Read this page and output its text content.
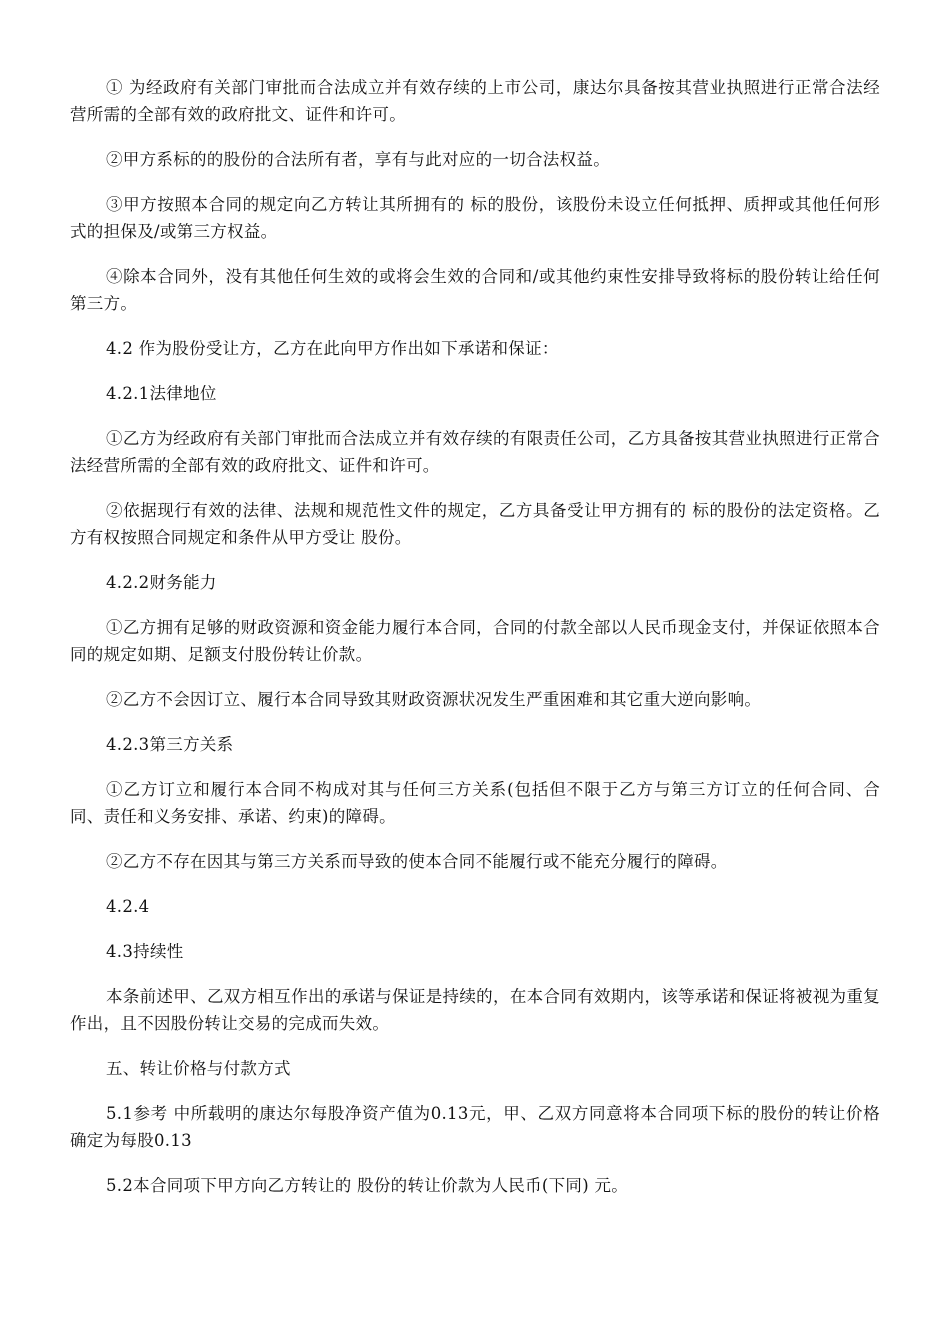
① 为经政府有关部门审批而合法成立并有效存续的上市公司，康达尔具备按其营业执照进行正常合法经营所需的全部有效的政府批文、证件和许可。

②甲方系标的的股份的合法所有者，享有与此对应的一切合法权益。

③甲方按照本合同的规定向乙方转让其所拥有的 标的股份，该股份未设立任何抵押、质押或其他任何形式的担保及/或第三方权益。

④除本合同外，没有其他任何生效的或将会生效的合同和/或其他约束性安排导致将标的股份转让给任何第三方。

4.2 作为股份受让方，乙方在此向甲方作出如下承诺和保证：

4.2.1法律地位

①乙方为经政府有关部门审批而合法成立并有效存续的有限责任公司，乙方具备按其营业执照进行正常合法经营所需的全部有效的政府批文、证件和许可。

②依据现行有效的法律、法规和规范性文件的规定，乙方具备受让甲方拥有的 标的股份的法定资格。乙方有权按照合同规定和条件从甲方受让 股份。

4.2.2财务能力

①乙方拥有足够的财政资源和资金能力履行本合同，合同的付款全部以人民币现金支付，并保证依照本合同的规定如期、足额支付股份转让价款。

②乙方不会因订立、履行本合同导致其财政资源状况发生严重困难和其它重大逆向影响。

4.2.3第三方关系

①乙方订立和履行本合同不构成对其与任何三方关系(包括但不限于乙方与第三方订立的任何合同、合同、责任和义务安排、承诺、约束)的障碍。

②乙方不存在因其与第三方关系而导致的使本合同不能履行或不能充分履行的障碍。

4.2.4

4.3持续性

本条前述甲、乙双方相互作出的承诺与保证是持续的，在本合同有效期内，该等承诺和保证将被视为重复作出，且不因股份转让交易的完成而失效。

五、转让价格与付款方式

5.1参考 中所载明的康达尔每股净资产值为0.13元，甲、乙双方同意将本合同项下标的股份的转让价格确定为每股0.13

5.2本合同项下甲方向乙方转让的 股份的转让价款为人民币(下同) 元。
